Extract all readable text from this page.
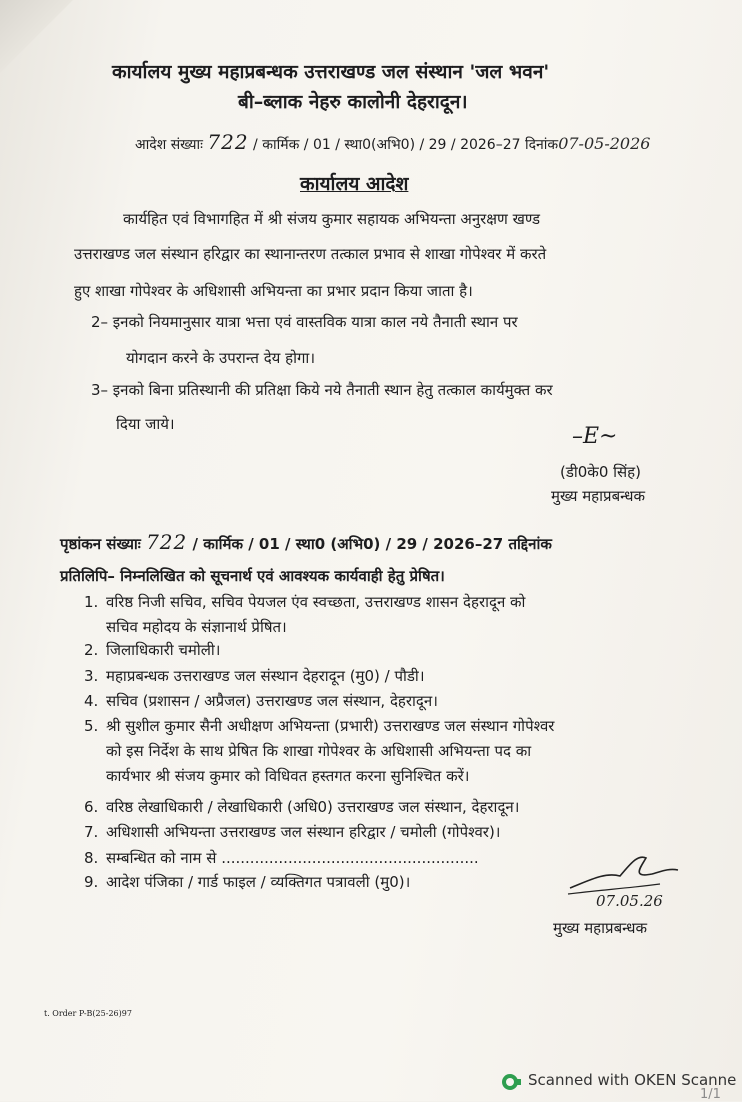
कार्यालय मुख्य महाप्रबन्धक उत्तराखण्ड जल संस्थान 'जल भवन'
बी–ब्लाक नेहरु कालोनी देहरादून।
आदेश संख्याः 722 / कार्मिक / 01 / स्था0(अभि0) / 29 / 2026–27 दिनांक07-05-2026
कार्यालय आदेश
कार्यहित एवं विभागहित में श्री संजय कुमार सहायक अभियन्ता अनुरक्षण खण्ड
उत्तराखण्ड जल संस्थान हरिद्वार का स्थानान्तरण तत्काल प्रभाव से शाखा गोपेश्वर में करते
हुए शाखा गोपेश्वर के अधिशासी अभियन्ता का प्रभार प्रदान किया जाता है।
2– इनको नियमानुसार यात्रा भत्ता एवं वास्तविक यात्रा काल नये तैनाती स्थान पर
योगदान करने के उपरान्त देय होगा।
3– इनको बिना प्रतिस्थानी की प्रतिक्षा किये नये तैनाती स्थान हेतु तत्काल कार्यमुक्त कर
दिया जाये।	–E~
(डी0के0 सिंह)
मुख्य महाप्रबन्धक
पृष्ठांकन संख्याः 722 / कार्मिक / 01 / स्था0 (अभि0) / 29 / 2026–27 तद्दिनांक
प्रतिलिपि– निम्नलिखित को सूचनार्थ एवं आवश्यक कार्यवाही हेतु प्रेषित।
1. वरिष्ठ निजी सचिव, सचिव पेयजल एंव स्वच्छता, उत्तराखण्ड शासन देहरादून को
सचिव महोदय के संज्ञानार्थ प्रेषित।
2. जिलाधिकारी चमोली।
3. महाप्रबन्धक उत्तराखण्ड जल संस्थान देहरादून (मु0) / पौडी।
4. सचिव (प्रशासन / अप्रैजल) उत्तराखण्ड जल संस्थान, देहरादून।
5. श्री सुशील कुमार सैनी अधीक्षण अभियन्ता (प्रभारी) उत्तराखण्ड जल संस्थान गोपेश्वर
को इस निर्देश के साथ प्रेषित कि शाखा गोपेश्वर के अधिशासी अभियन्ता पद का
कार्यभार श्री संजय कुमार को विधिवत हस्तगत करना सुनिश्चित करें।
6. वरिष्ठ लेखाधिकारी / लेखाधिकारी (अधि0) उत्तराखण्ड जल संस्थान, देहरादून।
7. अधिशासी अभियन्ता उत्तराखण्ड जल संस्थान हरिद्वार / चमोली (गोपेश्वर)।
8. सम्बन्धित को नाम से ......................................................
9. आदेश पंजिका / गार्ड फाइल / व्यक्तिगत पत्रावली (मु0)।
07.05.26
मुख्य महाप्रबन्धक
t. Order P-B(25-26)97
Scanned with OKEN Scanne
1/1
